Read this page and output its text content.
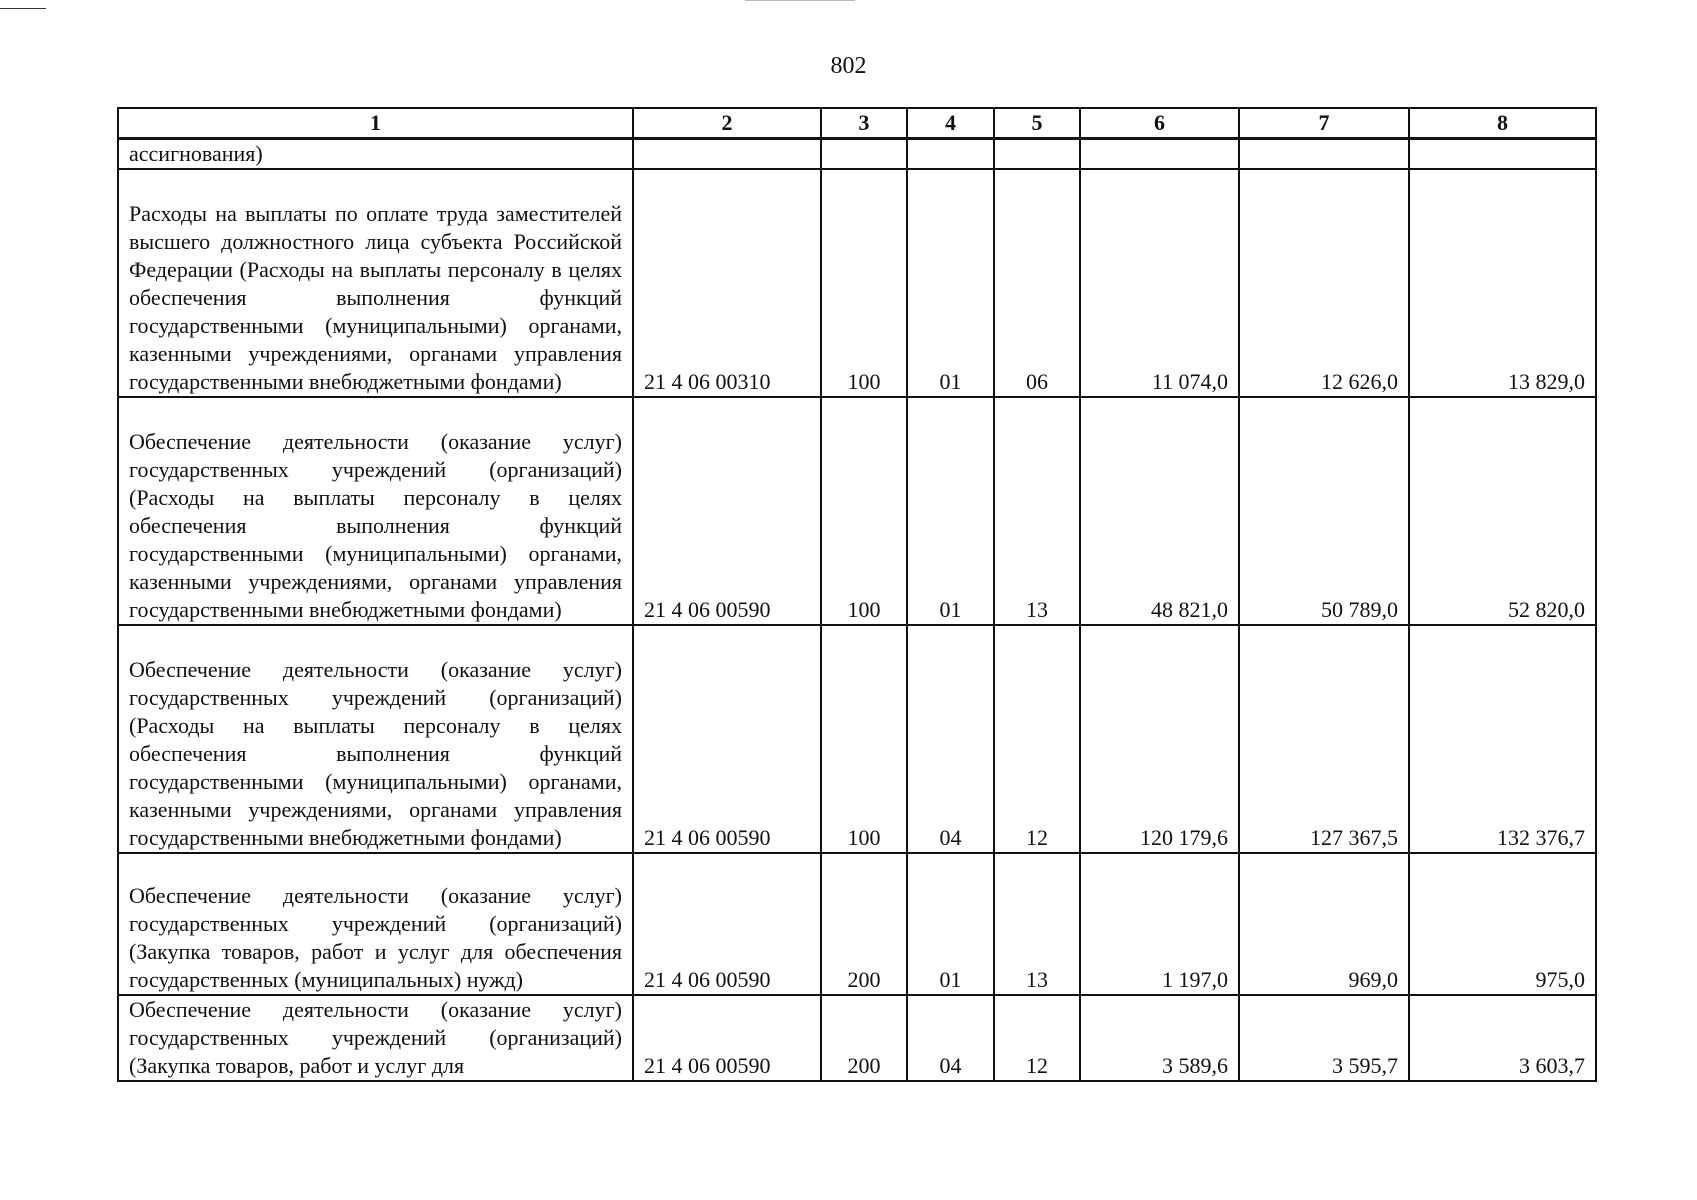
802
1	2	3	4	5	6	7	8
ассигнования)							
Расходы на выплаты по оплате труда заместителей высшего должностного лица субъекта Российской Федерации (Расходы на выплаты персоналу в целях обеспечения выполнения функций государственными (муниципальными) органами, казенными учреждениями, органами управления государственными внебюджетными фондами)	21 4 06 00310	100	01	06	11 074,0	12 626,0	13 829,0
Обеспечение деятельности (оказание услуг) государственных учреждений (организаций) (Расходы на выплаты персоналу в целях обеспечения выполнения функций государственными (муниципальными) органами, казенными учреждениями, органами управления государственными внебюджетными фондами)	21 4 06 00590	100	01	13	48 821,0	50 789,0	52 820,0
Обеспечение деятельности (оказание услуг) государственных учреждений (организаций) (Расходы на выплаты персоналу в целях обеспечения выполнения функций государственными (муниципальными) органами, казенными учреждениями, органами управления государственными внебюджетными фондами)	21 4 06 00590	100	04	12	120 179,6	127 367,5	132 376,7
Обеспечение деятельности (оказание услуг) государственных учреждений (организаций) (Закупка товаров, работ и услуг для обеспечения государственных (муниципальных) нужд)	21 4 06 00590	200	01	13	1 197,0	969,0	975,0
Обеспечение деятельности (оказание услуг) государственных учреждений (организаций) (Закупка товаров, работ и услуг для	21 4 06 00590	200	04	12	3 589,6	3 595,7	3 603,7
